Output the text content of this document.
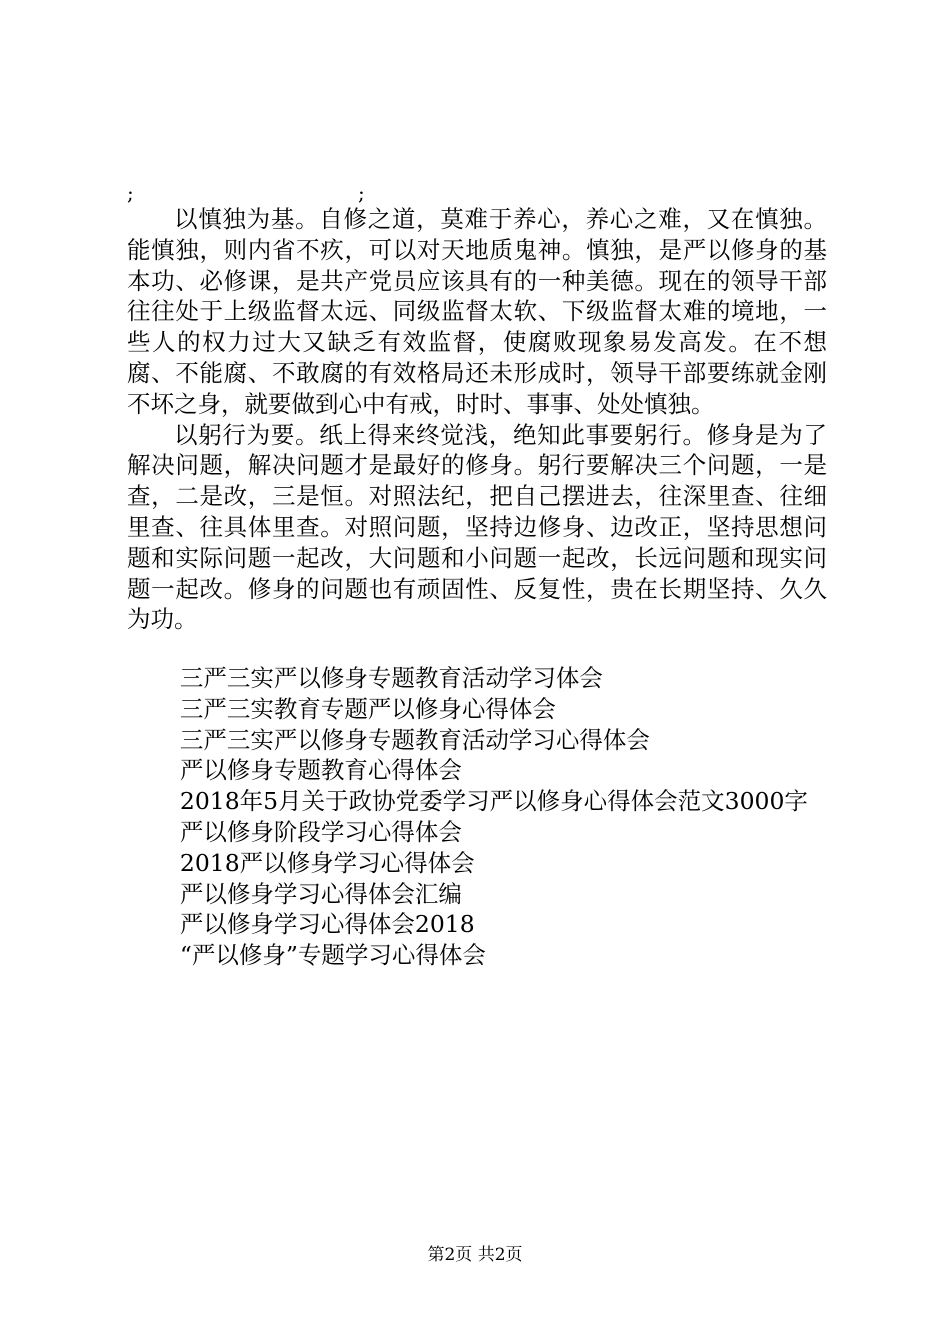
;	;

以慎独为基。自修之道，莫难于养心，养心之难，又在慎独。能慎独，则内省不疚，可以对天地质鬼神。慎独，是严以修身的基本功、必修课，是共产党员应该具有的一种美德。现在的领导干部往往处于上级监督太远、同级监督太软、下级监督太难的境地，一些人的权力过大又缺乏有效监督，使腐败现象易发高发。在不想腐、不能腐、不敢腐的有效格局还未形成时，领导干部要练就金刚不坏之身，就要做到心中有戒，时时、事事、处处慎独。

以躬行为要。纸上得来终觉浅，绝知此事要躬行。修身是为了解决问题，解决问题才是最好的修身。躬行要解决三个问题，一是查，二是改，三是恒。对照法纪，把自己摆进去，往深里查、往细里查、往具体里查。对照问题，坚持边修身、边改正，坚持思想问题和实际问题一起改，大问题和小问题一起改，长远问题和现实问题一起改。修身的问题也有顽固性、反复性，贵在长期坚持、久久为功。

三严三实严以修身专题教育活动学习体会

三严三实教育专题严以修身心得体会

三严三实严以修身专题教育活动学习心得体会

严以修身专题教育心得体会

2018年5月关于政协党委学习严以修身心得体会范文3000字

严以修身阶段学习心得体会

2018严以修身学习心得体会

严以修身学习心得体会汇编

严以修身学习心得体会2018

“严以修身”专题学习心得体会

第2页 共2页
